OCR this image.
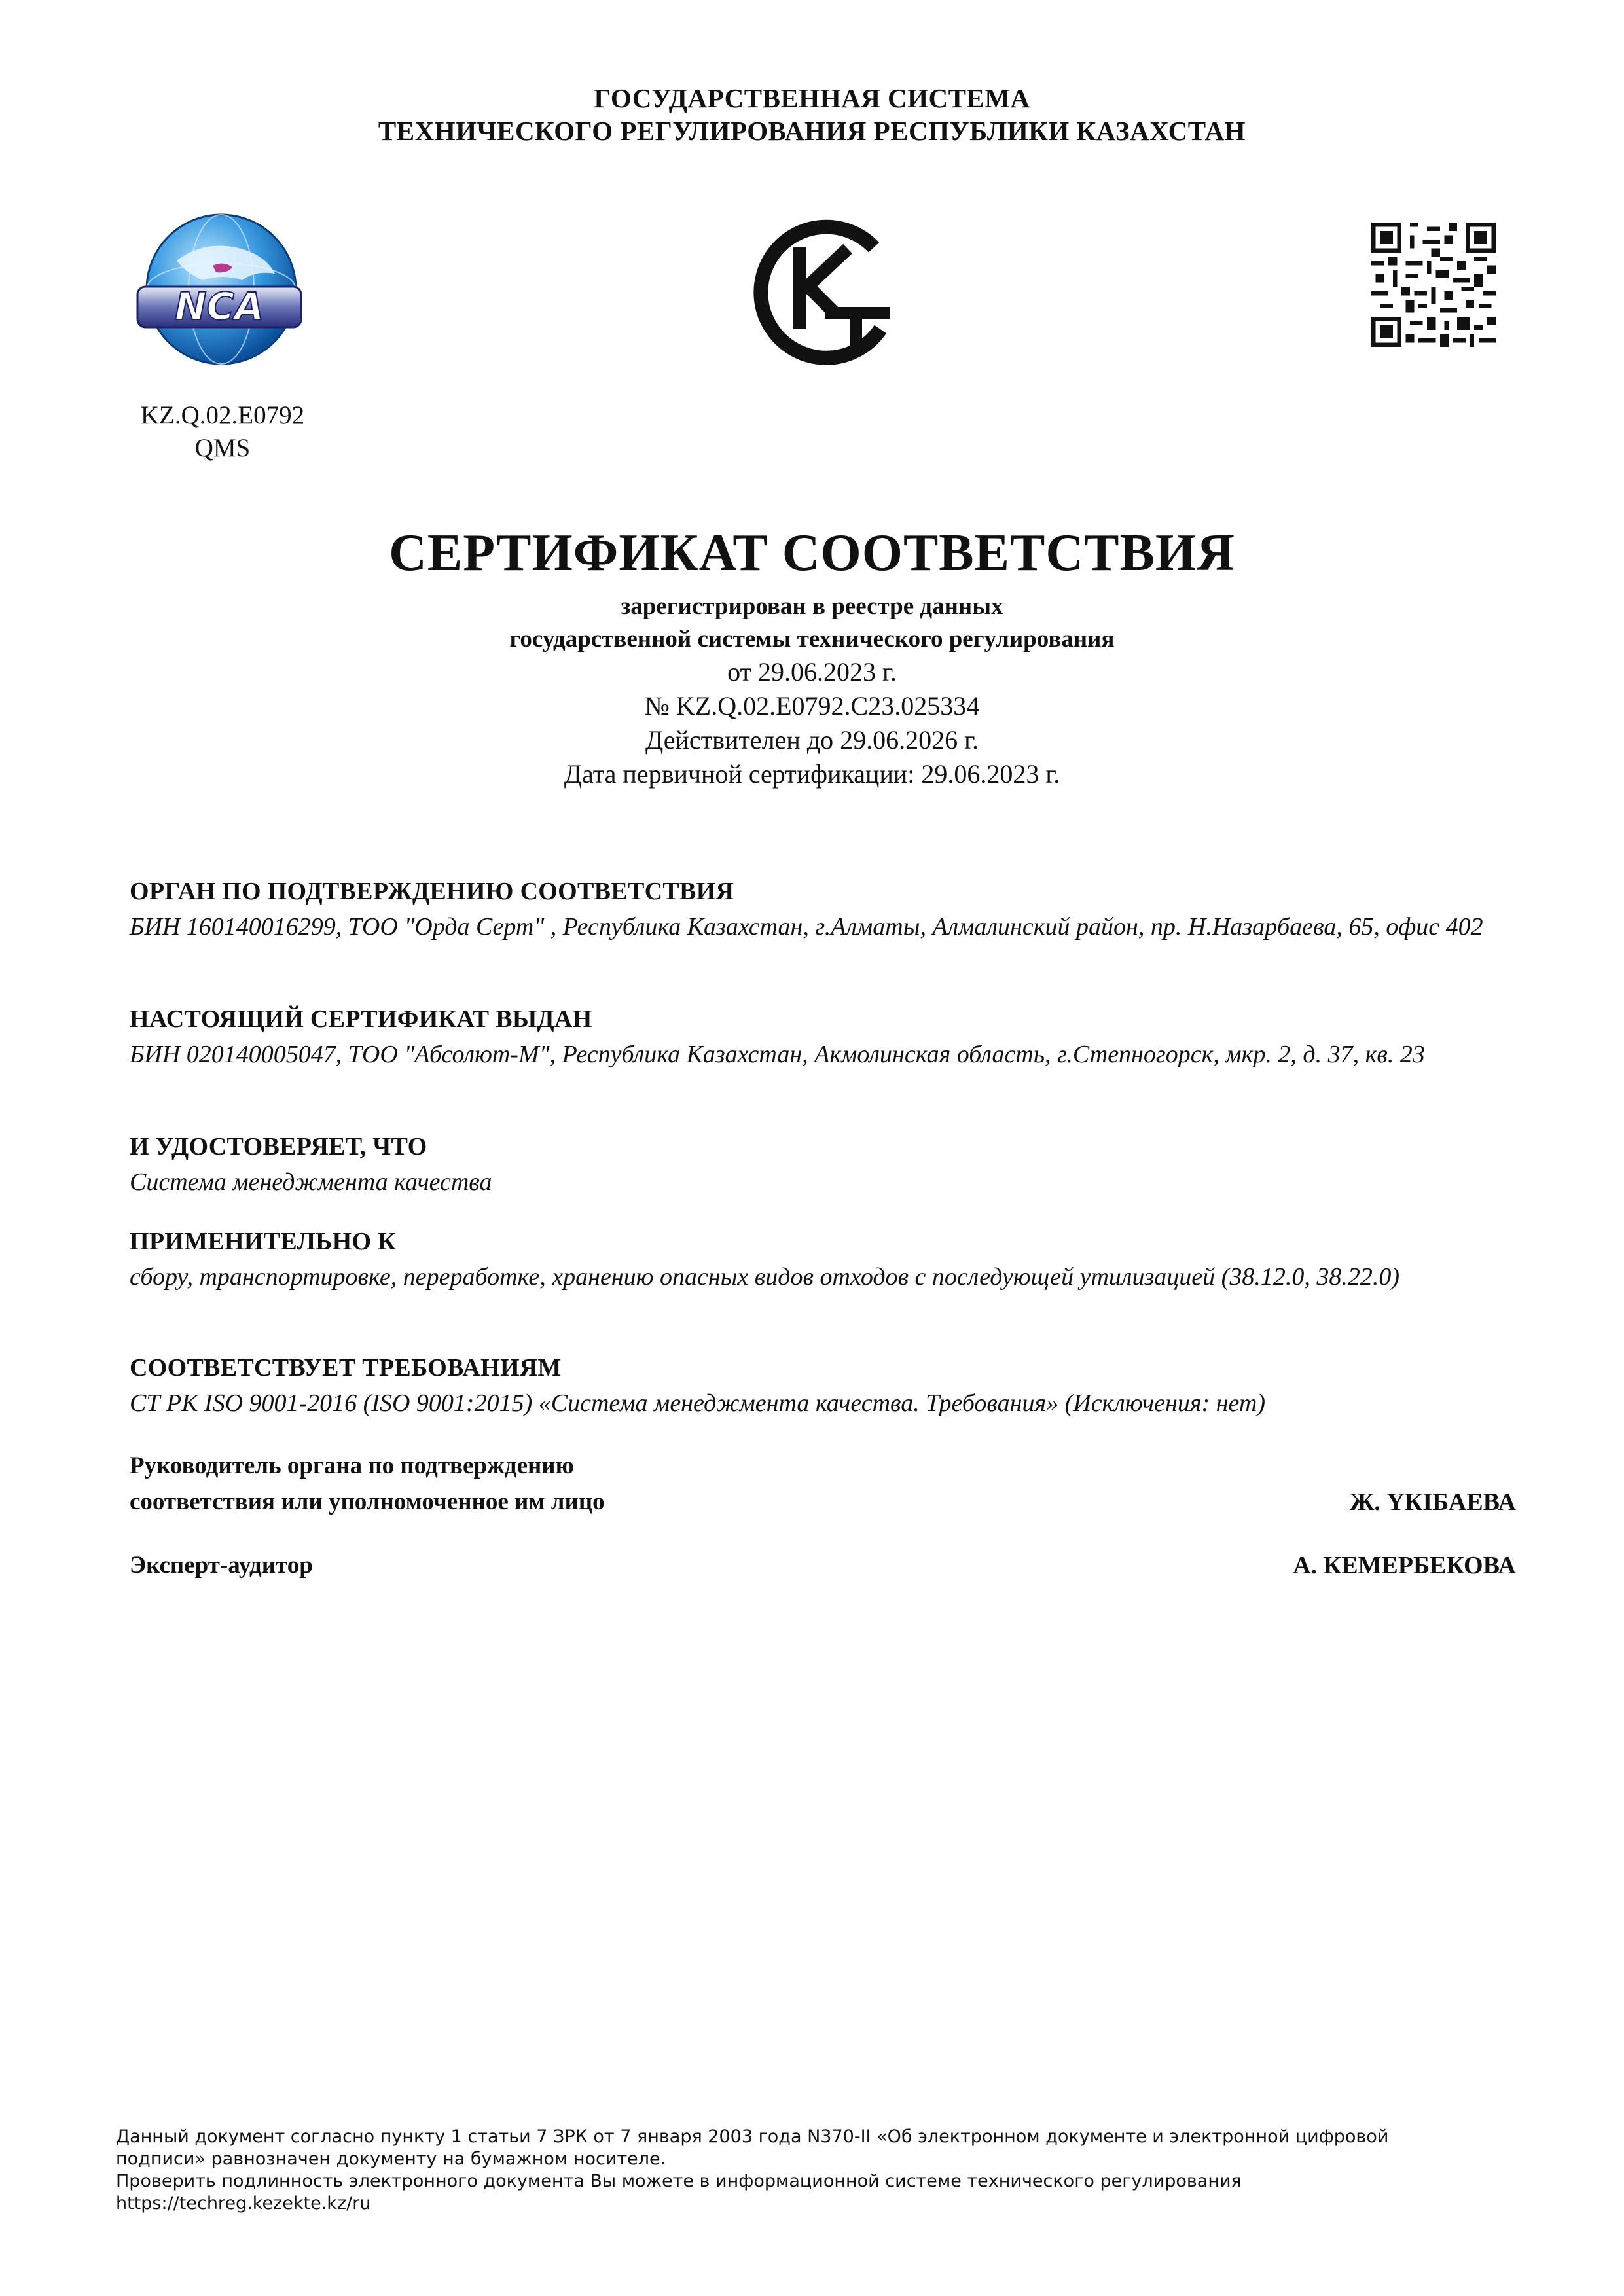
ГОСУДАРСТВЕННАЯ СИСТЕМА
ТЕХНИЧЕСКОГО РЕГУЛИРОВАНИЯ РЕСПУБЛИКИ КАЗАХСТАН
NCA
KZ.Q.02.E0792
QMS
СЕРТИФИКАТ СООТВЕТСТВИЯ
зарегистрирован в реестре данных
государственной системы технического регулирования
от 29.06.2023 г.
№ KZ.Q.02.E0792.C23.025334
Действителен до 29.06.2026 г.
Дата первичной сертификации: 29.06.2023 г.
ОРГАН ПО ПОДТВЕРЖДЕНИЮ СООТВЕТСТВИЯ
БИН 160140016299, ТОО "Орда Серт" , Республика Казахстан, г.Алматы, Алмалинский район, пр. Н.Назарбаева, 65, офис 402
НАСТОЯЩИЙ СЕРТИФИКАТ ВЫДАН
БИН 020140005047, ТОО "Абсолют-М", Республика Казахстан, Акмолинская область, г.Степногорск, мкр. 2, д. 37, кв. 23
И УДОСТОВЕРЯЕТ, ЧТО
Система менеджмента качества
ПРИМЕНИТЕЛЬНО К
сбору, транспортировке, переработке, хранению опасных видов отходов с последующей утилизацией (38.12.0, 38.22.0)
СООТВЕТСТВУЕТ ТРЕБОВАНИЯМ
СТ РК ISO 9001-2016 (ISO 9001:2015) «Система менеджмента качества. Требования» (Исключения: нет)
Руководитель органа по подтверждению
соответствия или уполномоченное им лицо	Ж. ҮКІБАЕВА
Эксперт-аудитор	А. КЕМЕРБЕКОВА
Данный документ согласно пункту 1 статьи 7 ЗРК от 7 января 2003 года N370-II «Об электронном документе и электронной цифровой
подписи» равнозначен документу на бумажном носителе.
Проверить подлинность электронного документа Вы можете в информационной системе технического регулирования
https://techreg.kezekte.kz/ru
